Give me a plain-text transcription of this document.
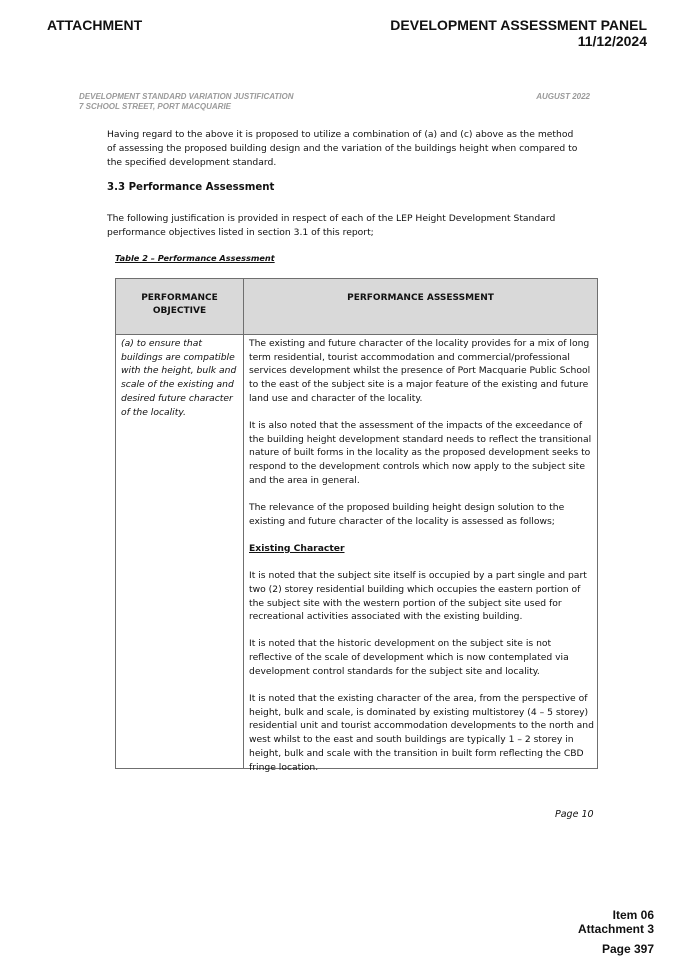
ATTACHMENT	DEVELOPMENT ASSESSMENT PANEL
11/12/2024
DEVELOPMENT STANDARD VARIATION JUSTIFICATION
7 SCHOOL STREET, PORT MACQUARIE
AUGUST 2022
Having regard to the above it is proposed to utilize a combination of (a) and (c) above as the method of assessing the proposed building design and the variation of the buildings height when compared to the specified development standard.
3.3 Performance Assessment
The following justification is provided in respect of each of the LEP Height Development Standard performance objectives listed in section 3.1 of this report;
Table 2 – Performance Assessment
PERFORMANCE
OBJECTIVE
PERFORMANCE ASSESSMENT
(a) to ensure that buildings are compatible with the height, bulk and scale of the existing and desired future character of the locality.

The existing and future character of the locality provides for a mix of long term residential, tourist accommodation and commercial/professional services development whilst the presence of Port Macquarie Public School to the east of the subject site is a major feature of the existing and future land use and character of the locality.

It is also noted that the assessment of the impacts of the exceedance of the building height development standard needs to reflect the transitional nature of built forms in the locality as the proposed development seeks to respond to the development controls which now apply to the subject site and the area in general.

The relevance of the proposed building height design solution to the existing and future character of the locality is assessed as follows;

Existing Character

It is noted that the subject site itself is occupied by a part single and part two (2) storey residential building which occupies the eastern portion of the subject site with the western portion of the subject site used for recreational activities associated with the existing building.

It is noted that the historic development on the subject site is not reflective of the scale of development which is now contemplated via development control standards for the subject site and locality.

It is noted that the existing character of the area, from the perspective of height, bulk and scale, is dominated by existing multistorey (4 – 5 storey) residential unit and tourist accommodation developments to the north and west whilst to the east and south buildings are typically 1 – 2 storey in height, bulk and scale with the transition in built form reflecting the CBD fringe location.

Page 10
Item 06
Attachment 3
Page 397
